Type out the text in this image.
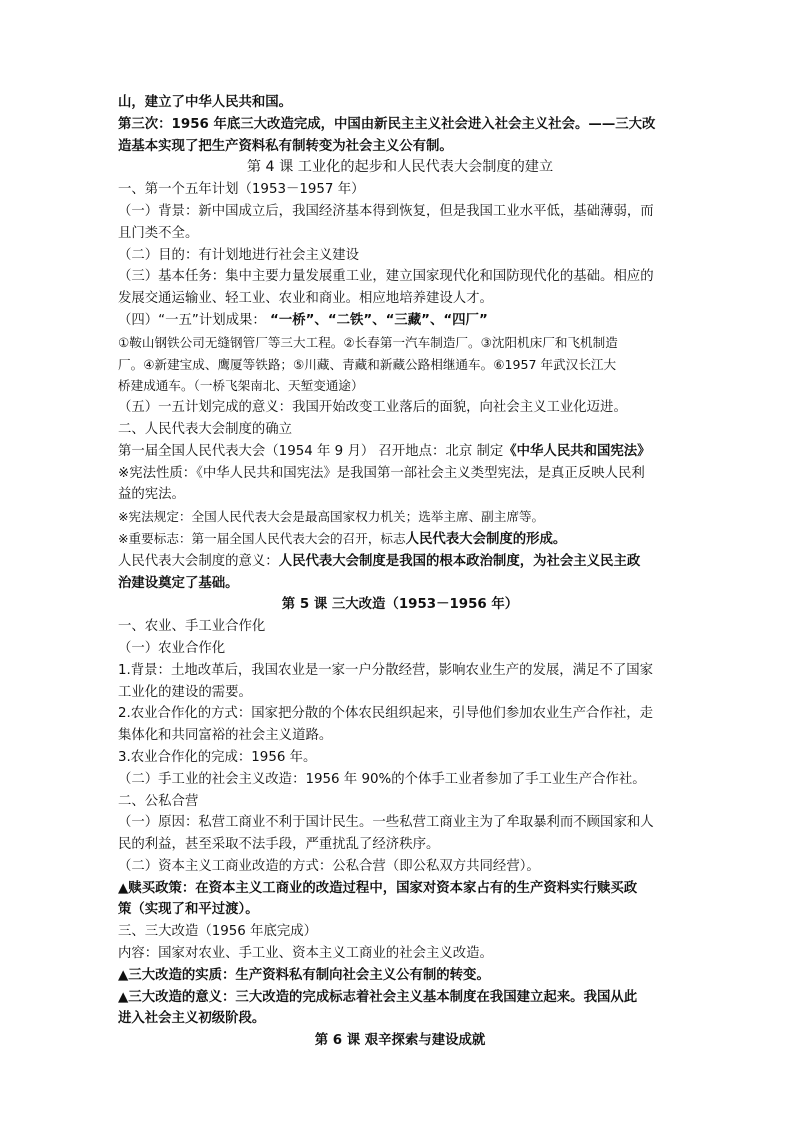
山，建立了中华人民共和国。

第三次：1956 年底三大改造完成，中国由新民主主义社会进入社会主义社会。——三大改

造基本实现了把生产资料私有制转变为社会主义公有制。

第 4 课 工业化的起步和人民代表大会制度的建立

一、第一个五年计划（1953－1957 年）

（一）背景：新中国成立后，我国经济基本得到恢复，但是我国工业水平低，基础薄弱，而

且门类不全。

（二）目的：有计划地进行社会主义建设

（三）基本任务：集中主要力量发展重工业，建立国家现代化和国防现代化的基础。相应的

发展交通运输业、轻工业、农业和商业。相应地培养建设人才。

（四）“一五”计划成果： “一桥”、“二铁”、“三藏”、“四厂”

①鞍山钢铁公司无缝钢管厂等三大工程。②长春第一汽车制造厂。③沈阳机床厂和飞机制造

厂。④新建宝成、鹰厦等铁路；⑤川藏、青藏和新藏公路相继通车。⑥1957 年武汉长江大

桥建成通车。（一桥飞架南北、天堑变通途）

（五）一五计划完成的意义：我国开始改变工业落后的面貌，向社会主义工业化迈进。

二、人民代表大会制度的确立

第一届全国人民代表大会（1954 年 9 月） 召开地点：北京 制定《中华人民共和国宪法》

※宪法性质：《中华人民共和国宪法》是我国第一部社会主义类型宪法，是真正反映人民利

益的宪法。

※宪法规定：全国人民代表大会是最高国家权力机关；选举主席、副主席等。

※重要标志：第一届全国人民代表大会的召开，标志人民代表大会制度的形成。

人民代表大会制度的意义：人民代表大会制度是我国的根本政治制度，为社会主义民主政

治建设奠定了基础。

第 5 课 三大改造（1953－1956 年）

一、农业、手工业合作化

（一）农业合作化

1.背景：土地改革后，我国农业是一家一户分散经营，影响农业生产的发展，满足不了国家

工业化的建设的需要。

2.农业合作化的方式：国家把分散的个体农民组织起来，引导他们参加农业生产合作社，走

集体化和共同富裕的社会主义道路。

3.农业合作化的完成：1956 年。

（二）手工业的社会主义改造：1956 年 90%的个体手工业者参加了手工业生产合作社。

二、公私合营

（一）原因：私营工商业不利于国计民生。一些私营工商业主为了牟取暴利而不顾国家和人

民的利益，甚至采取不法手段，严重扰乱了经济秩序。

（二）资本主义工商业改造的方式：公私合营（即公私双方共同经营）。

▲赎买政策：在资本主义工商业的改造过程中，国家对资本家占有的生产资料实行赎买政

策（实现了和平过渡）。

三、三大改造（1956 年底完成）

内容：国家对农业、手工业、资本主义工商业的社会主义改造。

▲三大改造的实质：生产资料私有制向社会主义公有制的转变。

▲三大改造的意义：三大改造的完成标志着社会主义基本制度在我国建立起来。我国从此

进入社会主义初级阶段。

第 6 课 艰辛探索与建设成就
